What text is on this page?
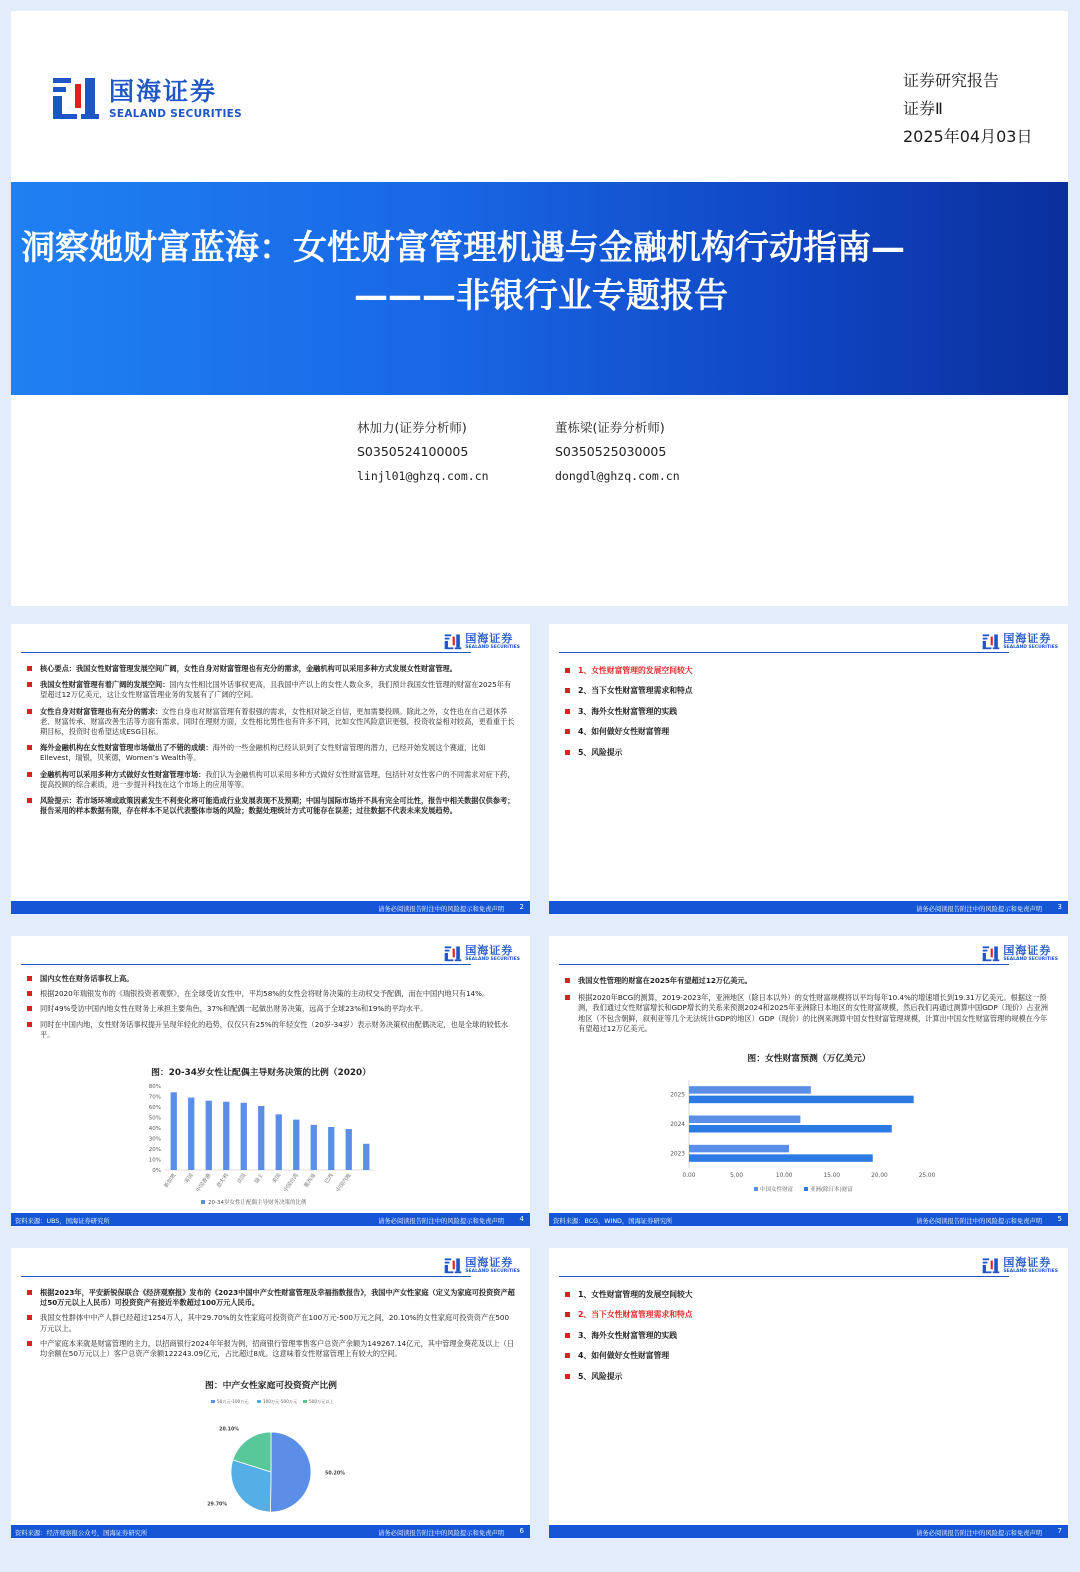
国海证券
SEALAND SECURITIES
证券研究报告
证券Ⅱ
2025年04月03日
洞察她财富蓝海：女性财富管理机遇与金融机构行动指南—
———非银行业专题报告
林加力(证券分析师)
S0350524100005
linjl01@ghzq.com.cn
董栋梁(证券分析师)
S0350525030005
dongdl@ghzq.com.cn
国海证券
SEALAND SECURITIES
核心要点：我国女性财富管理发展空间广阔，女性自身对财富管理也有充分的需求，金融机构可以采用多种方式发展女性财富管理。
我国女性财富管理有着广阔的发展空间：国内女性相比国外话事权更高，且我国中产以上的女性人数众多，我们预计我国女性管理的财富在2025年有望超过12万亿美元，这让女性财富管理业务的发展有了广阔的空间。
女性自身对财富管理也有充分的需求：女性自身也对财富管理有着很强的需求，女性相对缺乏自信，更加需要投顾。除此之外，女性也在自己退休养老、财富传承、财富改善生活等方面有需求。同时在理财方面，女性相比男性也有许多不同，比如女性风险意识更强，投资收益相对较高，更看重于长期目标，投资时也希望达成ESG目标。
海外金融机构在女性财富管理市场做出了不错的成绩：海外的一些金融机构已经认识到了女性财富管理的潜力，已经开始发展这个赛道，比如Ellevest，瑞银，贝莱德，Women’s Wealth等。
金融机构可以采用多种方式做好女性财富管理市场：我们认为金融机构可以采用多种方式做好女性财富管理，包括针对女性客户的不同需求对症下药，提高投顾的综合素质，进一步提升科技在这个市场上的应用等等。
风险提示：若市场环境或政策因素发生不利变化将可能造成行业发展表现不及预期；中国与国际市场并不具有完全可比性，报告中相关数据仅供参考；报告采用的样本数据有限，存在样本不足以代表整体市场的风险；数据处理统计方式可能存在误差；过往数据不代表未来发展趋势。
请务必阅读报告附注中的风险提示和免责声明 2
国海证券
SEALAND SECURITIES
1、女性财富管理的发展空间较大
2、当下女性财富管理需求和特点
3、海外女性财富管理的实践
4、如何做好女性财富管理
5、风险提示
请务必阅读报告附注中的风险提示和免责声明 3
国海证券
SEALAND SECURITIES
国内女性在财务话事权上高。
根据2020年瑞银发布的《瑞银投资者观察》，在全球受访女性中，平均58%的女性会将财务决策的主动权交予配偶，而在中国内地只有14%。
同时49%受访中国内地女性在财务上承担主要角色，37%和配偶一起做出财务决策，远高于全球23%和19%的平均水平。
同时在中国内地，女性财务话事权提升呈现年轻化的趋势，仅仅只有25%的年轻女性（20岁-34岁）表示财务决策权由配偶决定，也是全球的较低水平。
图：20-34岁女性让配偶主导财务决策的比例（2020）
0%
10%
20%
30%
40%
50%
60%
70%
80%
新加坡	英国 中国香港 意大利	法国	瑞士	美国 中国台湾 墨西哥	巴西 中国内地
20-34岁女性让配偶主导财务决策的比例
资料来源：UBS，国海证券研究所	请务必阅读报告附注中的风险提示和免责声明 4
国海证券
SEALAND SECURITIES
我国女性管理的财富在2025年有望超过12万亿美元。
根据2020年BCG的测算，2019-2023年，亚洲地区（除日本以外）的女性财富规模将以平均每年10.4%的增速增长到19.31万亿美元。根据这一预测，我们通过女性财富增长和GDP增长的关系来预测2024和2025年亚洲除日本地区的女性财富规模，然后我们再通过测算中国GDP（现价）占亚洲地区（不包含朝鲜，叙利亚等几个无法统计GDP的地区）GDP（现价）的比例来测算中国女性财富管理规模，计算出中国女性财富管理的规模在今年有望超过12万亿美元。
图：女性财富预测（万亿美元）
0.00	5.00	10.00	15.00	20.00	25.00
2025
2024
2023
中国女性财富	亚洲(除日本)财富
资料来源：BCG，WIND，国海证券研究所	请务必阅读报告附注中的风险提示和免责声明 5
国海证券
SEALAND SECURITIES
根据2023年，平安新锐保联合《经济观察报》发布的《2023中国中产女性财富管理及幸福指数报告》，我国中产女性家庭（定义为家庭可投资资产超过50万元以上人民币）可投资资产有接近半数超过100万元人民币。
我国女性群体中中产人群已经超过1254万人，其中29.70%的女性家庭可投资资产在100万元-500万元之间，20.10%的女性家庭可投资资产在500万元以上。
中产家庭本来就是财富管理的主力，以招商银行2024年年报为例，招商银行管理零售客户总资产余额为149267.14亿元，其中管理金葵花及以上（日均余额在50万元以上）客户总资产余额122243.09亿元，占比超过8成。这意味着女性财富管理上有较大的空间。
图：中产女性家庭可投资资产比例
50万元-100万元	100万元-500万元	500万元以上
50.20%
29.70%
20.10%
资料来源：经济观察报公众号，国海证券研究所	请务必阅读报告附注中的风险提示和免责声明 6
国海证券
SEALAND SECURITIES
1、女性财富管理的发展空间较大
2、当下女性财富管理需求和特点
3、海外女性财富管理的实践
4、如何做好女性财富管理
5、风险提示
请务必阅读报告附注中的风险提示和免责声明 7
